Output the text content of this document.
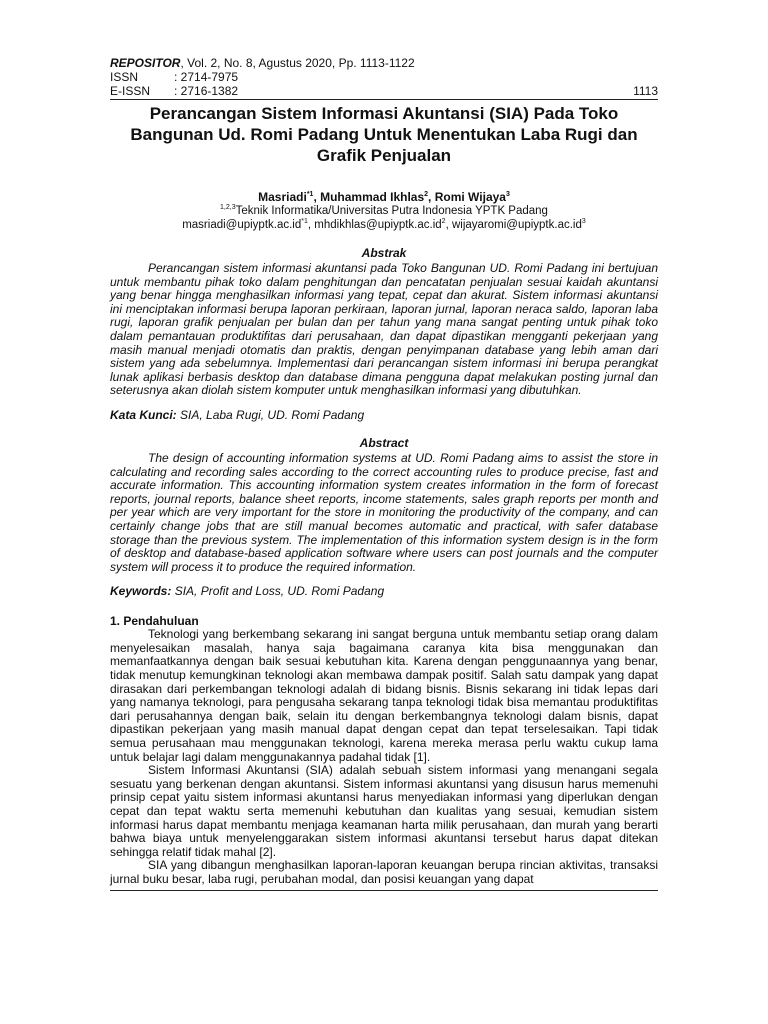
REPOSITOR, Vol. 2, No. 8, Agustus 2020, Pp. 1113-1122
ISSN	: 2714-7975
E-ISSN	: 2716-1382	1113
Perancangan Sistem Informasi Akuntansi (SIA) Pada Toko Bangunan Ud. Romi Padang Untuk Menentukan Laba Rugi dan Grafik Penjualan
Masriadi$^{*1}$, Muhammad Ikhlas$^2$, Romi Wijaya$^3$
$^{1,2,3}$Teknik Informatika/Universitas Putra Indonesia YPTK Padang
$masriadi@upiyptk.ac.id^{*1}$, $mhdikhlas@upiyptk.ac.id^2$, $wijayaromi@upiyptk.ac.id^3$
Abstrak

Perancangan sistem informasi akuntansi pada Toko Bangunan UD. Romi Padang ini bertujuan untuk membantu pihak toko dalam penghitungan dan pencatatan penjualan sesuai kaidah akuntansi yang benar hingga menghasilkan informasi yang tepat, cepat dan akurat. Sistem informasi akuntansi ini menciptakan informasi berupa laporan perkiraan, laporan jurnal, laporan neraca saldo, laporan laba rugi, laporan grafik penjualan per bulan dan per tahun yang mana sangat penting untuk pihak toko dalam pemantauan produktifitas dari perusahaan, dan dapat dipastikan mengganti pekerjaan yang masih manual menjadi otomatis dan praktis, dengan penyimpanan database yang lebih aman dari sistem yang ada sebelumnya. Implementasi dari perancangan sistem informasi ini berupa perangkat lunak aplikasi berbasis desktop dan database dimana pengguna dapat melakukan posting jurnal dan seterusnya akan diolah sistem komputer untuk menghasilkan informasi yang dibutuhkan.

Kata Kunci: SIA, Laba Rugi, UD. Romi Padang
Abstract

The design of accounting information systems at UD. Romi Padang aims to assist the store in calculating and recording sales according to the correct accounting rules to produce precise, fast and accurate information. This accounting information system creates information in the form of forecast reports, journal reports, balance sheet reports, income statements, sales graph reports per month and per year which are very important for the store in monitoring the productivity of the company, and can certainly change jobs that are still manual becomes automatic and practical, with safer database storage than the previous system. The implementation of this information system design is in the form of desktop and database-based application software where users can post journals and the computer system will process it to produce the required information.

Keywords: SIA, Profit and Loss, UD. Romi Padang
1. Pendahuluan

Teknologi yang berkembang sekarang ini sangat berguna untuk membantu setiap orang dalam menyelesaikan masalah, hanya saja bagaimana caranya kita bisa menggunakan dan memanfaatkannya dengan baik sesuai kebutuhan kita. Karena dengan penggunaannya yang benar, tidak menutup kemungkinan teknologi akan membawa dampak positif. Salah satu dampak yang dapat dirasakan dari perkembangan teknologi adalah di bidang bisnis. Bisnis sekarang ini tidak lepas dari yang namanya teknologi, para pengusaha sekarang tanpa teknologi tidak bisa memantau produktifitas dari perusahannya dengan baik, selain itu dengan berkembangnya teknologi dalam bisnis, dapat dipastikan pekerjaan yang masih manual dapat dengan cepat dan tepat terselesaikan. Tapi tidak semua perusahaan mau menggunakan teknologi, karena mereka merasa perlu waktu cukup lama untuk belajar lagi dalam menggunakannya padahal tidak [1].

Sistem Informasi Akuntansi (SIA) adalah sebuah sistem informasi yang menangani segala sesuatu yang berkenan dengan akuntansi. Sistem informasi akuntansi yang disusun harus memenuhi prinsip cepat yaitu sistem informasi akuntansi harus menyediakan informasi yang diperlukan dengan cepat dan tepat waktu serta memenuhi kebutuhan dan kualitas yang sesuai, kemudian sistem informasi harus dapat membantu menjaga keamanan harta milik perusahaan, dan murah yang berarti bahwa biaya untuk menyelenggarakan sistem informasi akuntansi tersebut harus dapat ditekan sehingga relatif tidak mahal [2].

SIA yang dibangun menghasilkan laporan-laporan keuangan berupa rincian aktivitas, transaksi jurnal buku besar, laba rugi, perubahan modal, dan posisi keuangan yang dapat
